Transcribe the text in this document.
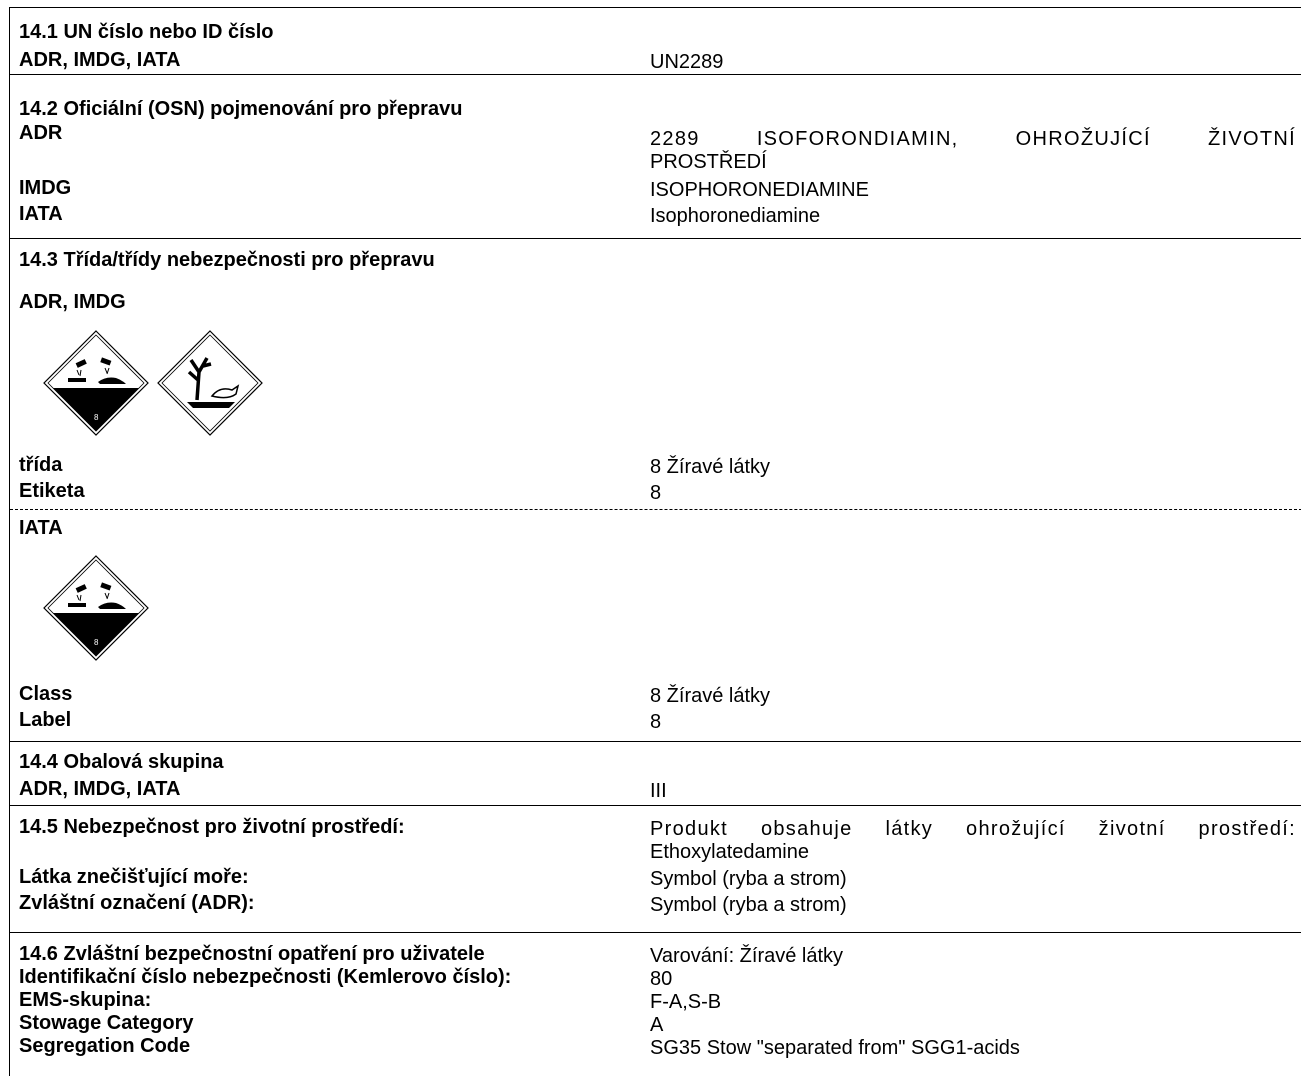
14.1 UN číslo nebo ID číslo
ADR, IMDG, IATA	UN2289
14.2 Oficiální (OSN) pojmenování pro přepravu
ADR	2289 ISOFORONDIAMIN, OHROŽUJÍCÍ ŽIVOTNÍ
PROSTŘEDÍ
IMDG	ISOPHORONEDIAMINE
IATA	Isophoronediamine
14.3 Třída/třídy nebezpečnosti pro přepravu
ADR, IMDG
8
třída	8 Žíravé látky
Etiketa	8
IATA
8
Class	8 Žíravé látky
Label	8
14.4 Obalová skupina
ADR, IMDG, IATA	III
14.5 Nebezpečnost pro životní prostředí:	Produkt obsahuje látky ohrožující životní prostředí:
Ethoxylatedamine
Látka znečišťující moře:	Symbol (ryba a strom)
Zvláštní označení (ADR):	Symbol (ryba a strom)
14.6 Zvláštní bezpečnostní opatření pro uživatele	Varování: Žíravé látky
Identifikační číslo nebezpečnosti (Kemlerovo číslo):	80
EMS-skupina:	F-A,S-B
Stowage Category	A
Segregation Code	SG35 Stow "separated from" SGG1-acids
